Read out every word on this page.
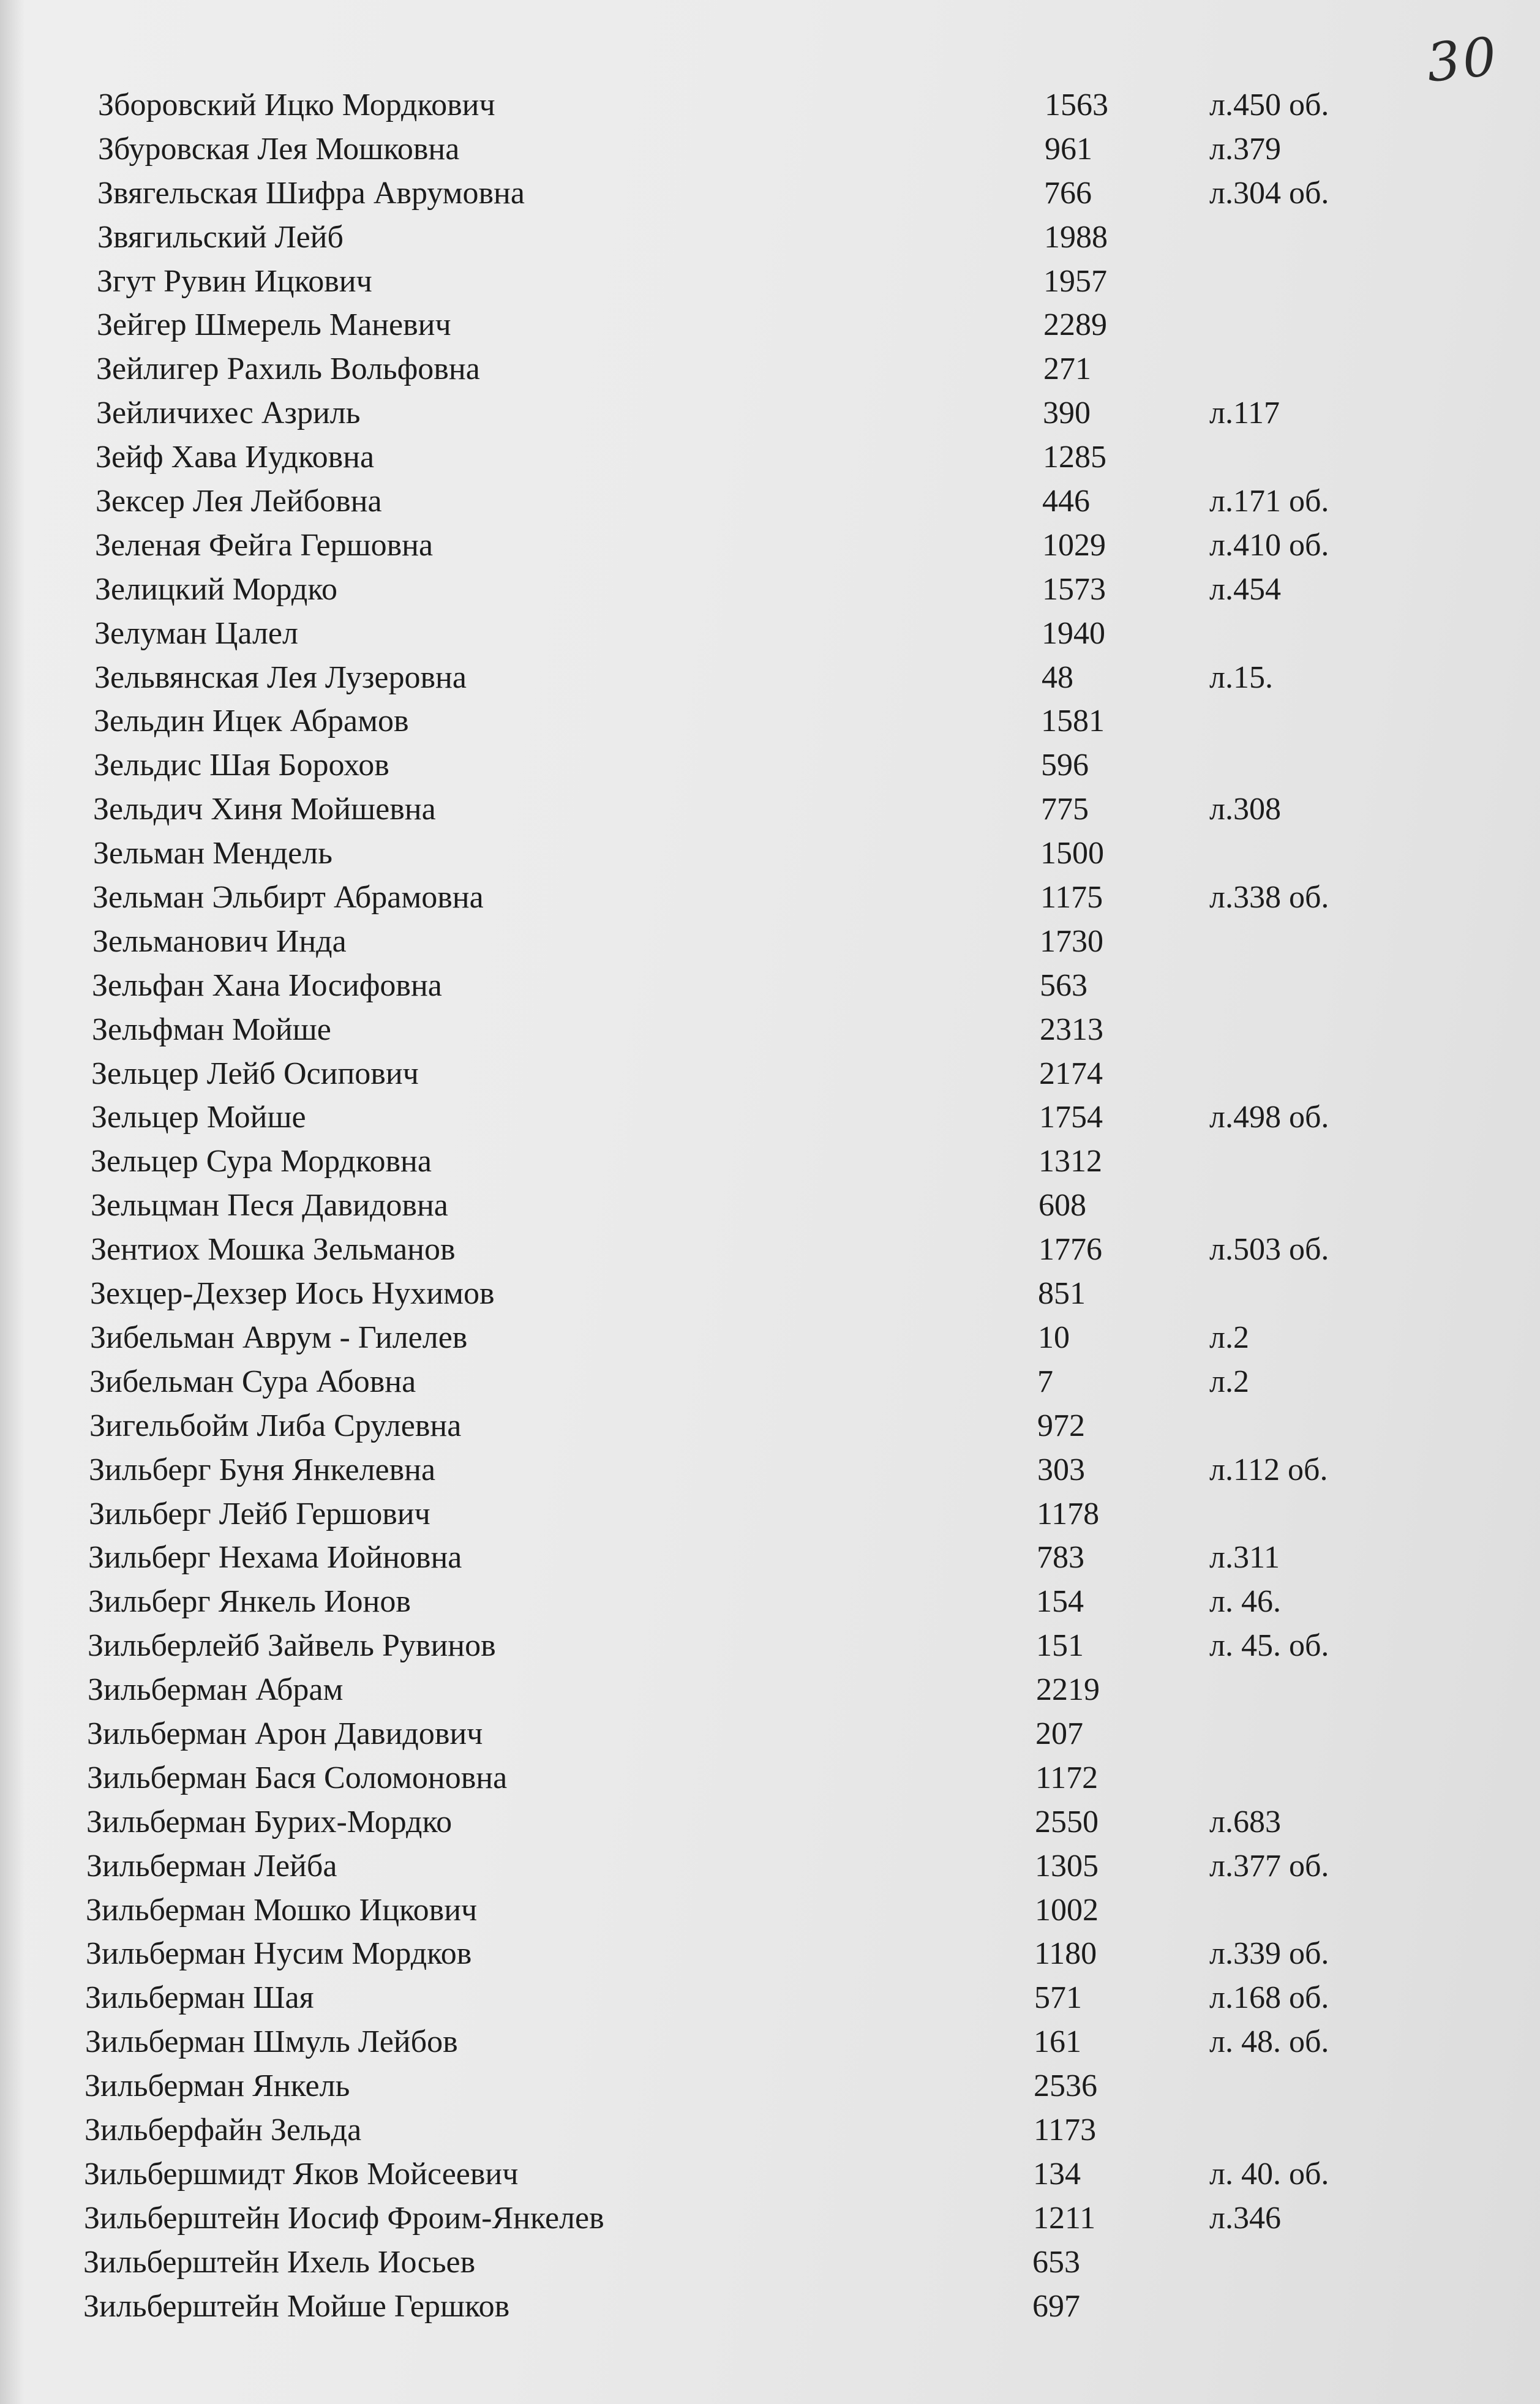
30
Зборовский Ицко Мордкович	1563	л.450 об.
Збуровская Лея Мошковна	961	л.379
Звягельская Шифра Аврумовна	766	л.304 об.
Звягильский Лейб	1988
Згут Рувин Ицкович	1957
Зейгер Шмерель Маневич	2289
Зейлигер Рахиль Вольфовна	271
Зейличихес Азриль	390	л.117
Зейф Хава Иудковна	1285
Зексер Лея Лейбовна	446	л.171 об.
Зеленая Фейга Гершовна	1029	л.410 об.
Зелицкий Мордко	1573	л.454
Зелуман Цалел	1940
Зельвянская Лея Лузеровна	48	л.15.
Зельдин Ицек Абрамов	1581
Зельдис Шая Борохов	596
Зельдич Хиня Мойшевна	775	л.308
Зельман Мендель	1500
Зельман Эльбирт Абрамовна	1175	л.338 об.
Зельманович Инда	1730
Зельфан Хана Иосифовна	563
Зельфман Мойше	2313
Зельцер Лейб Осипович	2174
Зельцер Мойше	1754	л.498 об.
Зельцер Сура Мордковна	1312
Зельцман Песя Давидовна	608
Зентиох Мошка Зельманов	1776	л.503 об.
Зехцер-Дехзер Иось Нухимов	851
Зибельман Аврум - Гилелев	10	л.2
Зибельман Сура Абовна	7	л.2
Зигельбойм Либа Срулевна	972
Зильберг Буня Янкелевна	303	л.112 об.
Зильберг Лейб Гершович	1178
Зильберг Нехама Иойновна	783	л.311
Зильберг Янкель Ионов	154	л. 46.
Зильберлейб Зайвель Рувинов	151	л. 45. об.
Зильберман Абрам	2219
Зильберман Арон Давидович	207
Зильберман Бася Соломоновна	1172
Зильберман Бурих-Мордко	2550	л.683
Зильберман Лейба	1305	л.377 об.
Зильберман Мошко Ицкович	1002
Зильберман Нусим Мордков	1180	л.339 об.
Зильберман Шая	571	л.168 об.
Зильберман Шмуль Лейбов	161	л. 48. об.
Зильберман Янкель	2536
Зильберфайн Зельда	1173
Зильбершмидт Яков Мойсеевич	134	л. 40. об.
Зильберштейн Иосиф Фроим-Янкелев	1211	л.346
Зильберштейн Ихель Иосьев	653
Зильберштейн Мойше Гершков	697
